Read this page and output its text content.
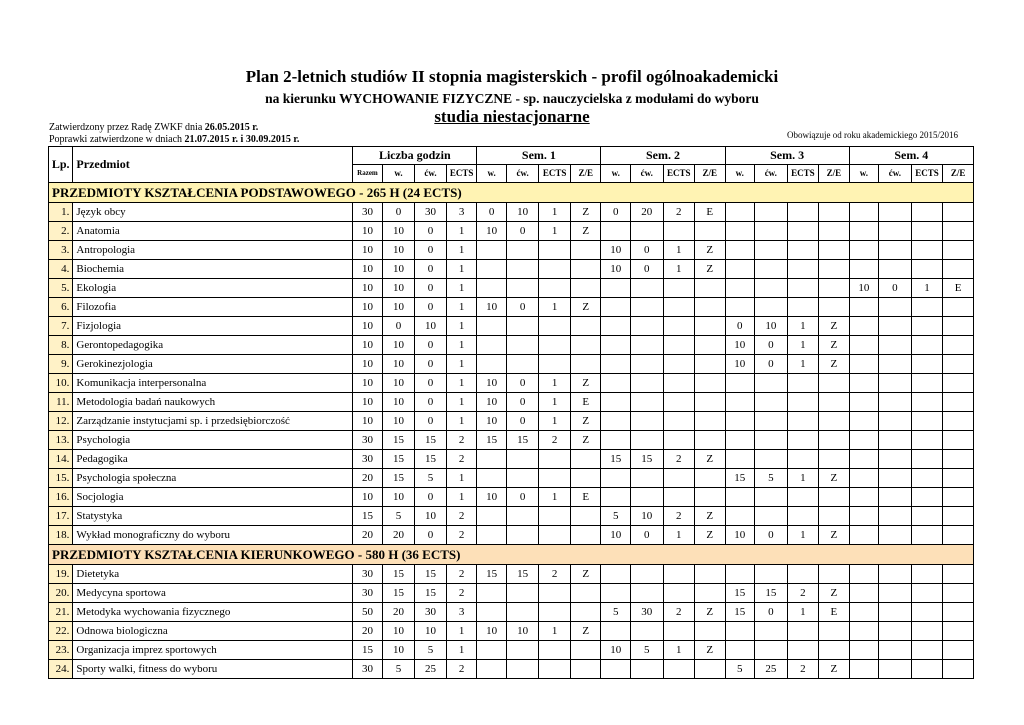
Plan 2-letnich studiów II stopnia magisterskich - profil ogólnoakademicki
na kierunku WYCHOWANIE FIZYCZNE - sp. nauczycielska z modułami do wyboru
studia niestacjonarne
Zatwierdzony przez Radę ZWKF dnia 26.05.2015 r.
Poprawki zatwierdzone w dniach 21.07.2015 r. i 30.09.2015 r.	Obowiązuje od roku akademickiego 2015/2016
Lp.	Przedmiot	Liczba godzin				Sem. 1				Sem. 2				Sem. 3				Sem. 4			
		Razem	w.	ćw.	ECTS	w.	ćw.	ECTS	Z/E	w.	ćw.	ECTS	Z/E	w.	ćw.	ECTS	Z/E	w.	ćw.	ECTS	Z/E
PRZEDMIOTY KSZTAŁCENIA PODSTAWOWEGO - 265 H (24 ECTS)																					
1.	Język obcy	30	0	30	3	0	10	1	Z	0	20	2	E								
2.	Anatomia	10	10	0	1	10	0	1	Z												
3.	Antropologia	10	10	0	1					10	0	1	Z								
4.	Biochemia	10	10	0	1					10	0	1	Z								
5.	Ekologia	10	10	0	1													10	0	1	E
6.	Filozofia	10	10	0	1	10	0	1	Z												
7.	Fizjologia	10	0	10	1									0	10	1	Z				
8.	Gerontopedagogika	10	10	0	1									10	0	1	Z				
9.	Gerokinezjologia	10	10	0	1									10	0	1	Z				
10.	Komunikacja interpersonalna	10	10	0	1	10	0	1	Z												
11.	Metodologia badań naukowych	10	10	0	1	10	0	1	E												
12.	Zarządzanie instytucjami sp. i przedsiębiorczość	10	10	0	1	10	0	1	Z												
13.	Psychologia	30	15	15	2	15	15	2	Z												
14.	Pedagogika	30	15	15	2					15	15	2	Z								
15.	Psychologia społeczna	20	15	5	1									15	5	1	Z				
16.	Socjologia	10	10	0	1	10	0	1	E												
17.	Statystyka	15	5	10	2					5	10	2	Z								
18.	Wykład monograficzny do wyboru	20	20	0	2					10	0	1	Z	10	0	1	Z				
PRZEDMIOTY KSZTAŁCENIA KIERUNKOWEGO - 580 H (36 ECTS)																					
19.	Dietetyka	30	15	15	2	15	15	2	Z												
20.	Medycyna sportowa	30	15	15	2									15	15	2	Z				
21.	Metodyka wychowania fizycznego	50	20	30	3					5	30	2	Z	15	0	1	E				
22.	Odnowa biologiczna	20	10	10	1	10	10	1	Z												
23.	Organizacja imprez sportowych	15	10	5	1					10	5	1	Z								
24.	Sporty walki, fitness do wyboru	30	5	25	2									5	25	2	Z				
